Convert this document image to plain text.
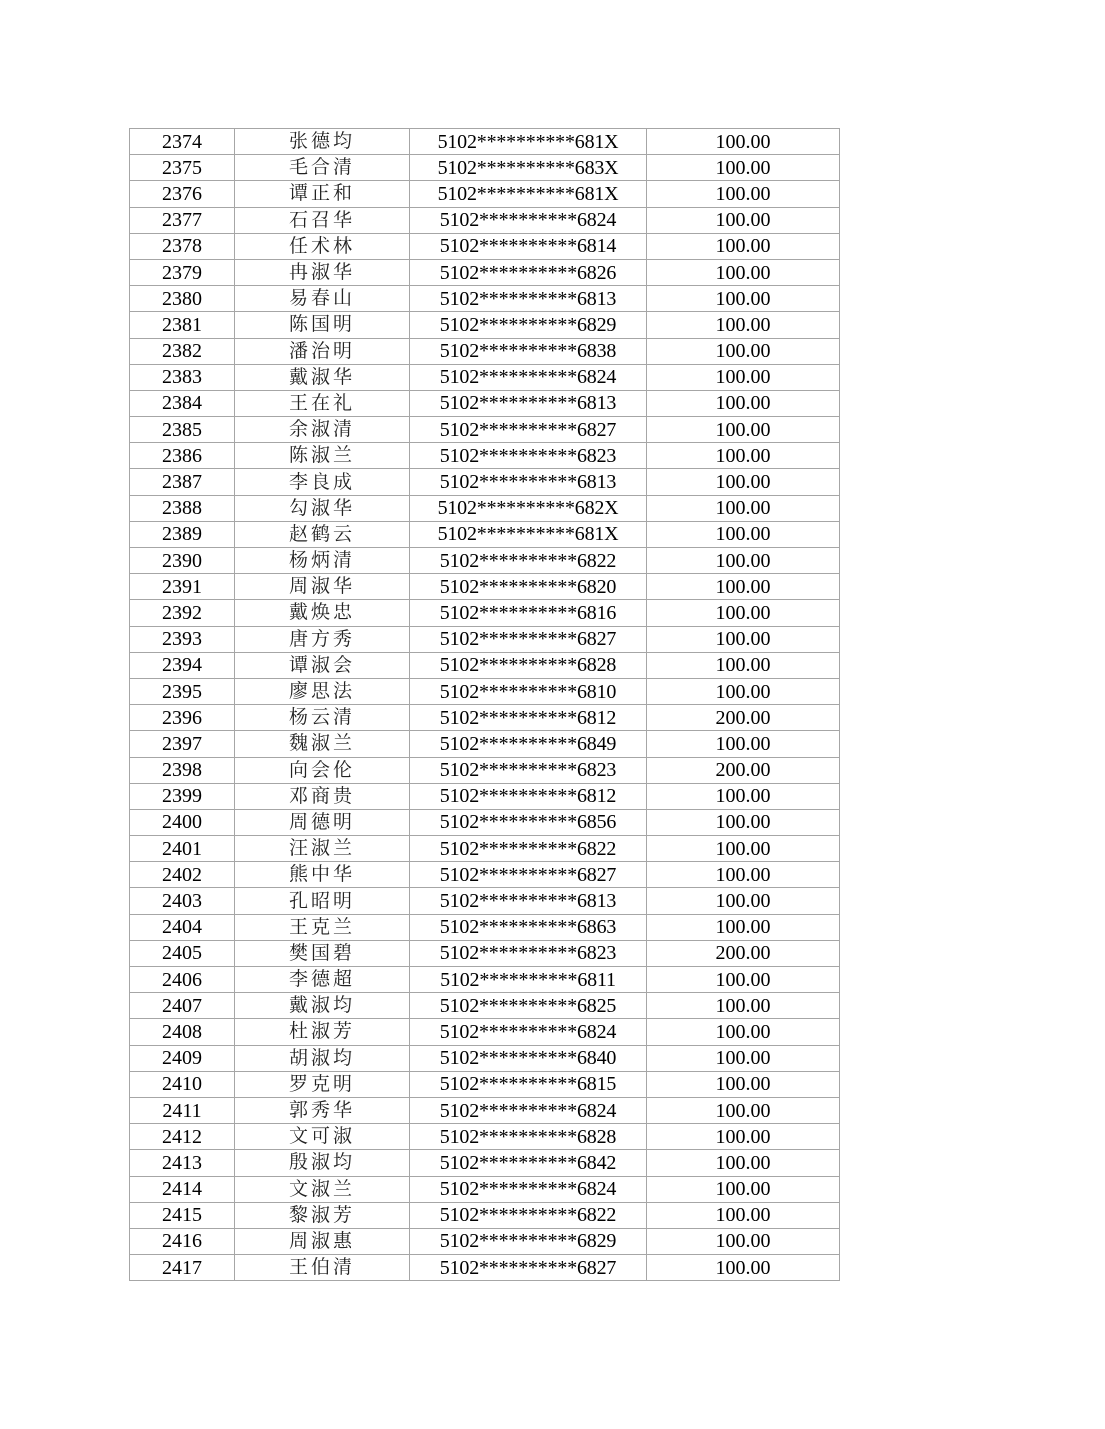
2374	张德均	5102**********681X	100.00
2375	毛合清	5102**********683X	100.00
2376	谭正和	5102**********681X	100.00
2377	石召华	5102**********6824	100.00
2378	任术林	5102**********6814	100.00
2379	冉淑华	5102**********6826	100.00
2380	易春山	5102**********6813	100.00
2381	陈国明	5102**********6829	100.00
2382	潘治明	5102**********6838	100.00
2383	戴淑华	5102**********6824	100.00
2384	王在礼	5102**********6813	100.00
2385	余淑清	5102**********6827	100.00
2386	陈淑兰	5102**********6823	100.00
2387	李良成	5102**********6813	100.00
2388	勾淑华	5102**********682X	100.00
2389	赵鹤云	5102**********681X	100.00
2390	杨炳清	5102**********6822	100.00
2391	周淑华	5102**********6820	100.00
2392	戴焕忠	5102**********6816	100.00
2393	唐方秀	5102**********6827	100.00
2394	谭淑会	5102**********6828	100.00
2395	廖思法	5102**********6810	100.00
2396	杨云清	5102**********6812	200.00
2397	魏淑兰	5102**********6849	100.00
2398	向会伦	5102**********6823	200.00
2399	邓商贵	5102**********6812	100.00
2400	周德明	5102**********6856	100.00
2401	汪淑兰	5102**********6822	100.00
2402	熊中华	5102**********6827	100.00
2403	孔昭明	5102**********6813	100.00
2404	王克兰	5102**********6863	100.00
2405	樊国碧	5102**********6823	200.00
2406	李德超	5102**********6811	100.00
2407	戴淑均	5102**********6825	100.00
2408	杜淑芳	5102**********6824	100.00
2409	胡淑均	5102**********6840	100.00
2410	罗克明	5102**********6815	100.00
2411	郭秀华	5102**********6824	100.00
2412	文可淑	5102**********6828	100.00
2413	殷淑均	5102**********6842	100.00
2414	文淑兰	5102**********6824	100.00
2415	黎淑芳	5102**********6822	100.00
2416	周淑惠	5102**********6829	100.00
2417	王伯清	5102**********6827	100.00
